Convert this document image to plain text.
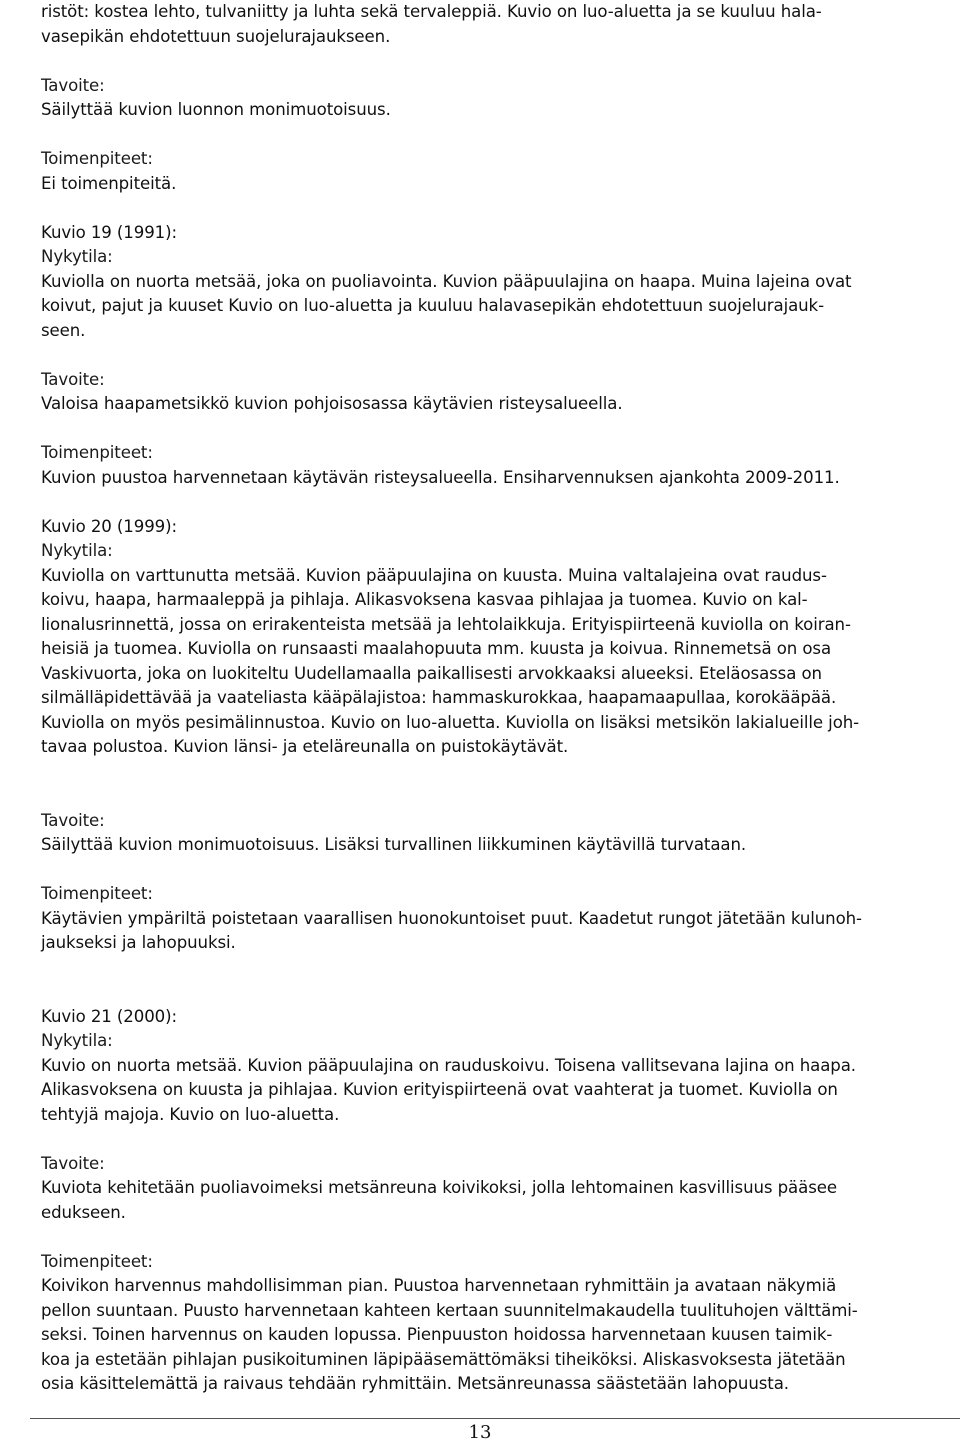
ristöt: kostea lehto, tulvaniitty ja luhta sekä tervaleppiä. Kuvio on luo-aluetta ja se kuuluu hala-

vasepikän ehdotettuun suojelurajaukseen.

Tavoite:

Säilyttää kuvion luonnon monimuotoisuus.

Toimenpiteet:

Ei toimenpiteitä.

Kuvio 19 (1991):

Nykytila:

Kuviolla on nuorta metsää, joka on puoliavointa. Kuvion pääpuulajina on haapa. Muina lajeina ovat

koivut, pajut ja kuuset Kuvio on luo-aluetta ja kuuluu halavasepikän ehdotettuun suojelurajauk-

seen.

Tavoite:

Valoisa haapametsikkö kuvion pohjoisosassa käytävien risteysalueella.

Toimenpiteet:

Kuvion puustoa harvennetaan käytävän risteysalueella. Ensiharvennuksen ajankohta 2009-2011.

Kuvio 20 (1999):

Nykytila:

Kuviolla on varttunutta metsää. Kuvion pääpuulajina on kuusta. Muina valtalajeina ovat raudus-

koivu, haapa, harmaaleppä ja pihlaja. Alikasvoksena kasvaa pihlajaa ja tuomea. Kuvio on kal-

lionalusrinnettä, jossa on erirakenteista metsää ja lehtolaikkuja. Erityispiirteenä kuviolla on koiran-

heisiä ja tuomea. Kuviolla on runsaasti maalahopuuta mm. kuusta ja koivua. Rinnemetsä on osa

Vaskivuorta, joka on luokiteltu Uudellamaalla paikallisesti arvokkaaksi alueeksi. Eteläosassa on

silmälläpidettävää ja vaateliasta kääpälajistoa: hammaskurokkaa, haapamaapullaa, korokääpää.

Kuviolla on myös pesimälinnustoa. Kuvio on luo-aluetta. Kuviolla on lisäksi metsikön lakialueille joh-

tavaa polustoa. Kuvion länsi- ja eteläreunalla on puistokäytävät.

Tavoite:

Säilyttää kuvion monimuotoisuus. Lisäksi turvallinen liikkuminen käytävillä turvataan.

Toimenpiteet:

Käytävien ympäriltä poistetaan vaarallisen huonokuntoiset puut. Kaadetut rungot jätetään kulunoh-

jaukseksi ja lahopuuksi.

Kuvio 21 (2000):

Nykytila:

Kuvio on nuorta metsää. Kuvion pääpuulajina on rauduskoivu. Toisena vallitsevana lajina on haapa.

Alikasvoksena on kuusta ja pihlajaa. Kuvion erityispiirteenä ovat vaahterat ja tuomet. Kuviolla on

tehtyjä majoja. Kuvio on luo-aluetta.

Tavoite:

Kuviota kehitetään puoliavoimeksi metsänreuna koivikoksi, jolla lehtomainen kasvillisuus pääsee

edukseen.

Toimenpiteet:

Koivikon harvennus mahdollisimman pian. Puustoa harvennetaan ryhmittäin ja avataan näkymiä

pellon suuntaan. Puusto harvennetaan kahteen kertaan suunnitelmakaudella tuulituhojen välttämi-

seksi. Toinen harvennus on kauden lopussa. Pienpuuston hoidossa harvennetaan kuusen taimik-

koa ja estetään pihlajan pusikoituminen läpipääsemättömäksi tiheiköksi. Aliskasvoksesta jätetään

osia käsittelemättä ja raivaus tehdään ryhmittäin. Metsänreunassa säästetään lahopuusta.

13
